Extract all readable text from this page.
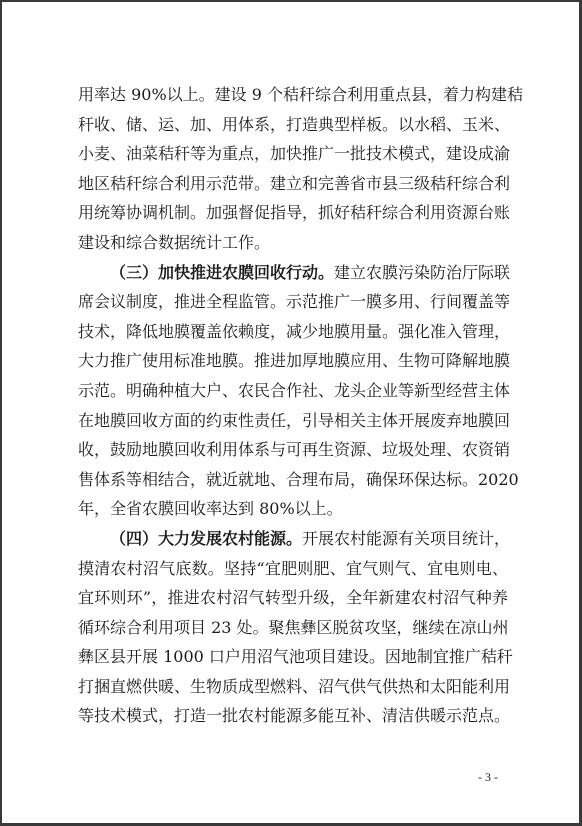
用率达 90%以上。建设 9 个秸秆综合利用重点县，着力构建秸
秆收、储、运、加、用体系，打造典型样板。以水稻、玉米、
小麦、油菜秸秆等为重点，加快推广一批技术模式，建设成渝
地区秸秆综合利用示范带。建立和完善省市县三级秸秆综合利
用统筹协调机制。加强督促指导，抓好秸秆综合利用资源台账
建设和综合数据统计工作。
（三）加快推进农膜回收行动。建立农膜污染防治厅际联
席会议制度，推进全程监管。示范推广一膜多用、行间覆盖等
技术，降低地膜覆盖依赖度，减少地膜用量。强化准入管理，
大力推广使用标准地膜。推进加厚地膜应用、生物可降解地膜
示范。明确种植大户、农民合作社、龙头企业等新型经营主体
在地膜回收方面的约束性责任，引导相关主体开展废弃地膜回
收，鼓励地膜回收利用体系与可再生资源、垃圾处理、农资销
售体系等相结合，就近就地、合理布局，确保环保达标。2020
年，全省农膜回收率达到 80%以上。
（四）大力发展农村能源。开展农村能源有关项目统计，
摸清农村沼气底数。坚持“宜肥则肥、宜气则气、宜电则电、
宜环则环”，推进农村沼气转型升级，全年新建农村沼气种养
循环综合利用项目 23 处。聚焦彝区脱贫攻坚，继续在凉山州
彝区县开展 1000 口户用沼气池项目建设。因地制宜推广秸秆
打捆直燃供暖、生物质成型燃料、沼气供气供热和太阳能利用
等技术模式，打造一批农村能源多能互补、清洁供暖示范点。
- 3 -
